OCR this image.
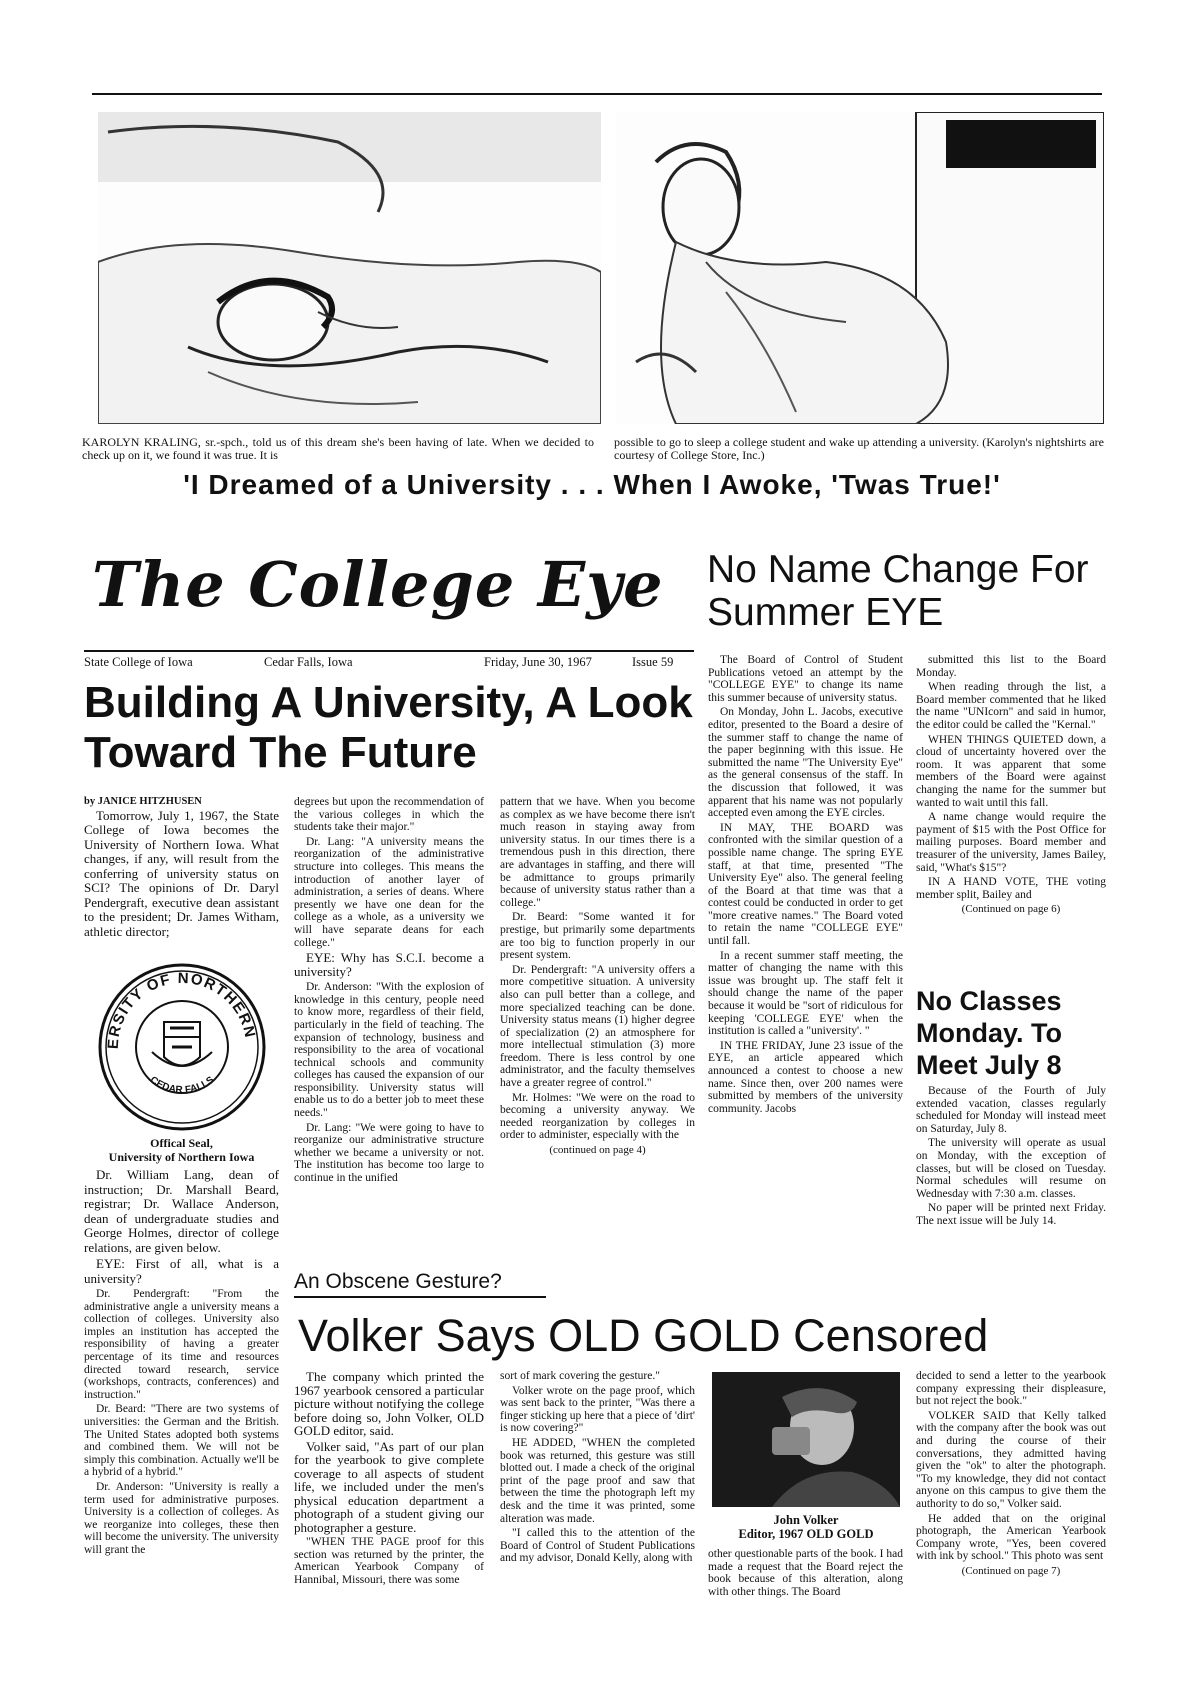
KAROLYN KRALING, sr.-spch., told us of this dream she's been having of late. When we decided to check up on it, we found it was true. It is
possible to go to sleep a college student and wake up attending a university. (Karolyn's nightshirts are courtesy of College Store, Inc.)
'I Dreamed of a University . . . When I Awoke, 'Twas True!'
The College Eye
State College of Iowa	Cedar Falls, Iowa	Friday, June 30, 1967	Issue 59
No Name Change For Summer EYE

The Board of Control of Student Publications vetoed an attempt by the "COLLEGE EYE" to change its name this summer because of university status.

On Monday, John L. Jacobs, executive editor, presented to the Board a desire of the summer staff to change the name of the paper beginning with this issue. He submitted the name "The University Eye" as the general consensus of the staff. In the discussion that followed, it was apparent that his name was not popularly accepted even among the EYE circles.

IN MAY, THE BOARD was confronted with the similar question of a possible name change. The spring EYE staff, at that time, presented "The University Eye" also. The general feeling of the Board at that time was that a contest could be conducted in order to get "more creative names." The Board voted to retain the name "COLLEGE EYE" until fall.

In a recent summer staff meeting, the matter of changing the name with this issue was brought up. The staff felt it should change the name of the paper because it would be "sort of ridiculous for keeping 'COLLEGE EYE' when the institution is called a "university'. "

IN THE FRIDAY, June 23 issue of the EYE, an article appeared which announced a contest to choose a new name. Since then, over 200 names were submitted by members of the university community. Jacobs

submitted this list to the Board Monday.

When reading through the list, a Board member commented that he liked the name "UNIcorn" and said in humor, the editor could be called the "Kernal."

WHEN THINGS QUIETED down, a cloud of uncertainty hovered over the room. It was apparent that some members of the Board were against changing the name for the summer but wanted to wait until this fall.

A name change would require the payment of $15 with the Post Office for mailing purposes. Board member and treasurer of the university, James Bailey, said, "What's $15"?

IN A HAND VOTE, THE voting member split, Bailey and

(Continued on page 6)
No Classes Monday. To Meet July 8

Because of the Fourth of July extended vacation, classes regularly scheduled for Monday will instead meet on Saturday, July 8.

The university will operate as usual on Monday, with the exception of classes, but will be closed on Tuesday. Normal schedules will resume on Wednesday with 7:30 a.m. classes.

No paper will be printed next Friday. The next issue will be July 14.

Building A University, A Look Toward The Future
by JANICE HITZHUSEN

Tomorrow, July 1, 1967, the State College of Iowa becomes the University of Northern Iowa. What changes, if any, will result from the conferring of university status on SCI? The opinions of Dr. Daryl Pendergraft, executive dean assistant to the president; Dr. James Witham, athletic director;

ERSITY OF NORTHERN
CEDAR FALLS
Offical Seal,
University of Northern Iowa

Dr. William Lang, dean of instruction; Dr. Marshall Beard, registrar; Dr. Wallace Anderson, dean of undergraduate studies and George Holmes, director of college relations, are given below.

EYE: First of all, what is a university?

Dr. Pendergraft: "From the administrative angle a university means a collection of colleges. University also imples an institution has accepted the responsibility of having a greater percentage of its time and resources directed toward research, service (workshops, contracts, conferences) and instruction."

Dr. Beard: "There are two systems of universities: the German and the British. The United States adopted both systems and combined them. We will not be simply this combination. Actually we'll be a hybrid of a hybrid."

Dr. Anderson: "University is really a term used for administrative purposes. University is a collection of colleges. As we reorganize into colleges, these then will become the university. The university will grant the

degrees but upon the recommendation of the various colleges in which the students take their major."

Dr. Lang: "A university means the reorganization of the administrative structure into colleges. This means the introduction of another layer of administration, a series of deans. Where presently we have one dean for the college as a whole, as a university we will have separate deans for each college."

EYE: Why has S.C.I. become a university?

Dr. Anderson: "With the explosion of knowledge in this century, people need to know more, regardless of their field, particularly in the field of teaching. The expansion of technology, business and responsibility to the area of vocational technical schools and community colleges has caused the expansion of our responsibility. University status will enable us to do a better job to meet these needs."

Dr. Lang: "We were going to have to reorganize our administrative structure whether we became a university or not. The institution has become too large to continue in the unified

pattern that we have. When you become as complex as we have become there isn't much reason in staying away from university status. In our times there is a tremendous push in this direction, there are advantages in staffing, and there will be admittance to groups primarily because of university status rather than a college."

Dr. Beard: "Some wanted it for prestige, but primarily some departments are too big to function properly in our present system.

Dr. Pendergraft: "A university offers a more competitive situation. A university also can pull better than a college, and more specialized teaching can be done. University status means (1) higher degree of specialization (2) an atmosphere for more intellectual stimulation (3) more freedom. There is less control by one administrator, and the faculty themselves have a greater regree of control."

Mr. Holmes: "We were on the road to becoming a university anyway. We needed reorganization by colleges in order to administer, especially with the

(continued on page 4)
An Obscene Gesture?
Volker Says OLD GOLD Censored

The company which printed the 1967 yearbook censored a particular picture without notifying the college before doing so, John Volker, OLD GOLD editor, said.

Volker said, "As part of our plan for the yearbook to give complete coverage to all aspects of student life, we included under the men's physical education department a photograph of a student giving our photographer a gesture.

"WHEN THE PAGE proof for this section was returned by the printer, the American Yearbook Company of Hannibal, Missouri, there was some

sort of mark covering the gesture."

Volker wrote on the page proof, which was sent back to the printer, "Was there a finger sticking up here that a piece of 'dirt' is now covering?"

HE ADDED, "WHEN the completed book was returned, this gesture was still blotted out. I made a check of the original print of the page proof and saw that between the time the photograph left my desk and the time it was printed, some alteration was made.

"I called this to the attention of the Board of Control of Student Publications and my advisor, Donald Kelly, along with

John Volker
Editor, 1967 OLD GOLD

other questionable parts of the book. I had made a request that the Board reject the book because of this alteration, along with other things. The Board

decided to send a letter to the yearbook company expressing their displeasure, but not reject the book."

VOLKER SAID that Kelly talked with the company after the book was out and during the course of their conversations, they admitted having given the "ok" to alter the photograph. "To my knowledge, they did not contact anyone on this campus to give them the authority to do so," Volker said.

He added that on the original photograph, the American Yearbook Company wrote, "Yes, been covered with ink by school." This photo was sent

(Continued on page 7)
